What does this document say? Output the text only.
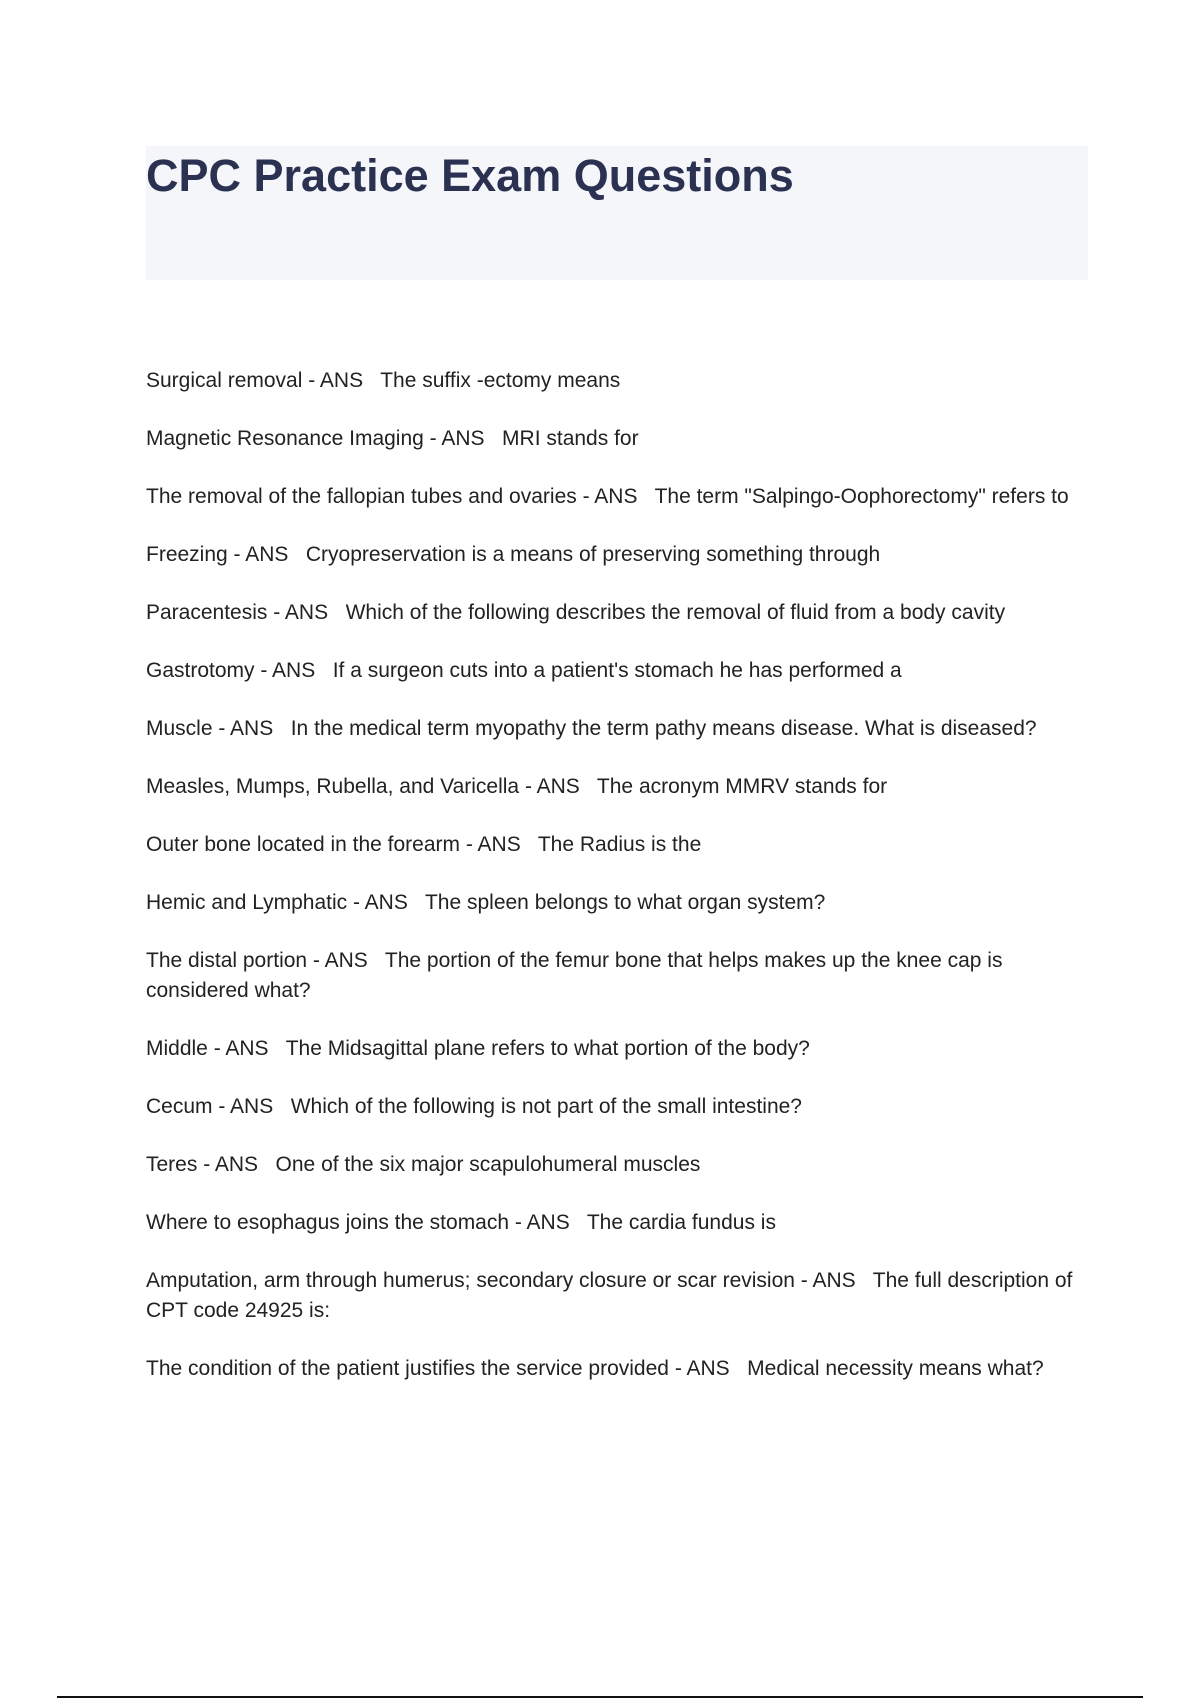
CPC Practice Exam Questions
Surgical removal - ANS   The suffix -ectomy means
Magnetic Resonance Imaging - ANS   MRI stands for
The removal of the fallopian tubes and ovaries - ANS   The term "Salpingo-Oophorectomy" refers to
Freezing - ANS   Cryopreservation is a means of preserving something through
Paracentesis - ANS   Which of the following describes the removal of fluid from a body cavity
Gastrotomy - ANS   If a surgeon cuts into a patient's stomach he has performed a
Muscle - ANS   In the medical term myopathy the term pathy means disease. What is diseased?
Measles, Mumps, Rubella, and Varicella - ANS   The acronym MMRV stands for
Outer bone located in the forearm - ANS   The Radius is the
Hemic and Lymphatic - ANS   The spleen belongs to what organ system?
The distal portion - ANS   The portion of the femur bone that helps makes up the knee cap is considered what?
Middle - ANS   The Midsagittal plane refers to what portion of the body?
Cecum - ANS   Which of the following is not part of the small intestine?
Teres - ANS   One of the six major scapulohumeral muscles
Where to esophagus joins the stomach - ANS   The cardia fundus is
Amputation, arm through humerus; secondary closure or scar revision - ANS   The full description of CPT code 24925 is:
The condition of the patient justifies the service provided - ANS   Medical necessity means what?
